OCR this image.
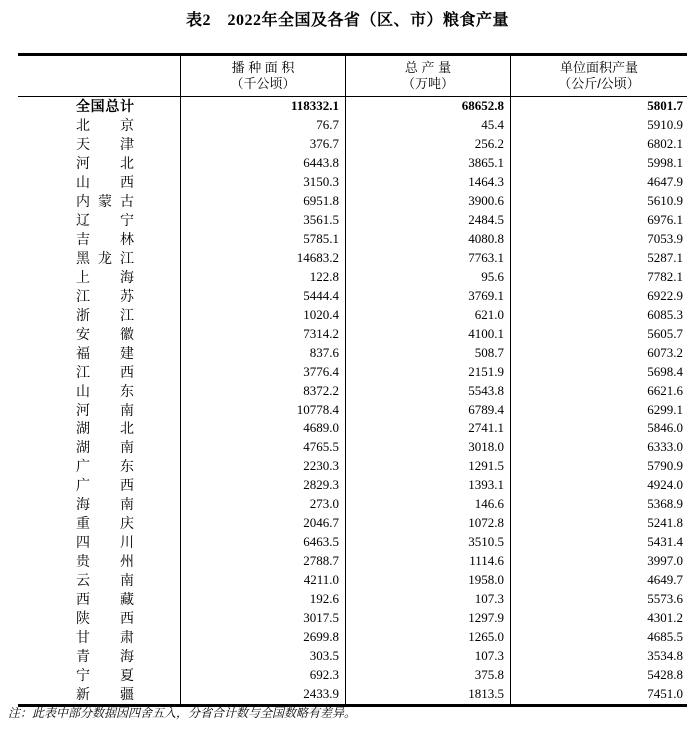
表2　2022年全国及各省（区、市）粮食产量
播 种 面 积
（千公顷）
总 产 量
（万吨）
单位面积产量
（公斤/公顷）
全国总计	118332.1	68652.8	5801.7
北京	76.7	45.4	5910.9
天津	376.7	256.2	6802.1
河北	6443.8	3865.1	5998.1
山西	3150.3	1464.3	4647.9
内蒙古	6951.8	3900.6	5610.9
辽宁	3561.5	2484.5	6976.1
吉林	5785.1	4080.8	7053.9
黑龙江	14683.2	7763.1	5287.1
上海	122.8	95.6	7782.1
江苏	5444.4	3769.1	6922.9
浙江	1020.4	621.0	6085.3
安徽	7314.2	4100.1	5605.7
福建	837.6	508.7	6073.2
江西	3776.4	2151.9	5698.4
山东	8372.2	5543.8	6621.6
河南	10778.4	6789.4	6299.1
湖北	4689.0	2741.1	5846.0
湖南	4765.5	3018.0	6333.0
广东	2230.3	1291.5	5790.9
广西	2829.3	1393.1	4924.0
海南	273.0	146.6	5368.9
重庆	2046.7	1072.8	5241.8
四川	6463.5	3510.5	5431.4
贵州	2788.7	1114.6	3997.0
云南	4211.0	1958.0	4649.7
西藏	192.6	107.3	5573.6
陕西	3017.5	1297.9	4301.2
甘肃	2699.8	1265.0	4685.5
青海	303.5	107.3	3534.8
宁夏	692.3	375.8	5428.8
新疆	2433.9	1813.5	7451.0
注：此表中部分数据因四舍五入，分省合计数与全国数略有差异。
